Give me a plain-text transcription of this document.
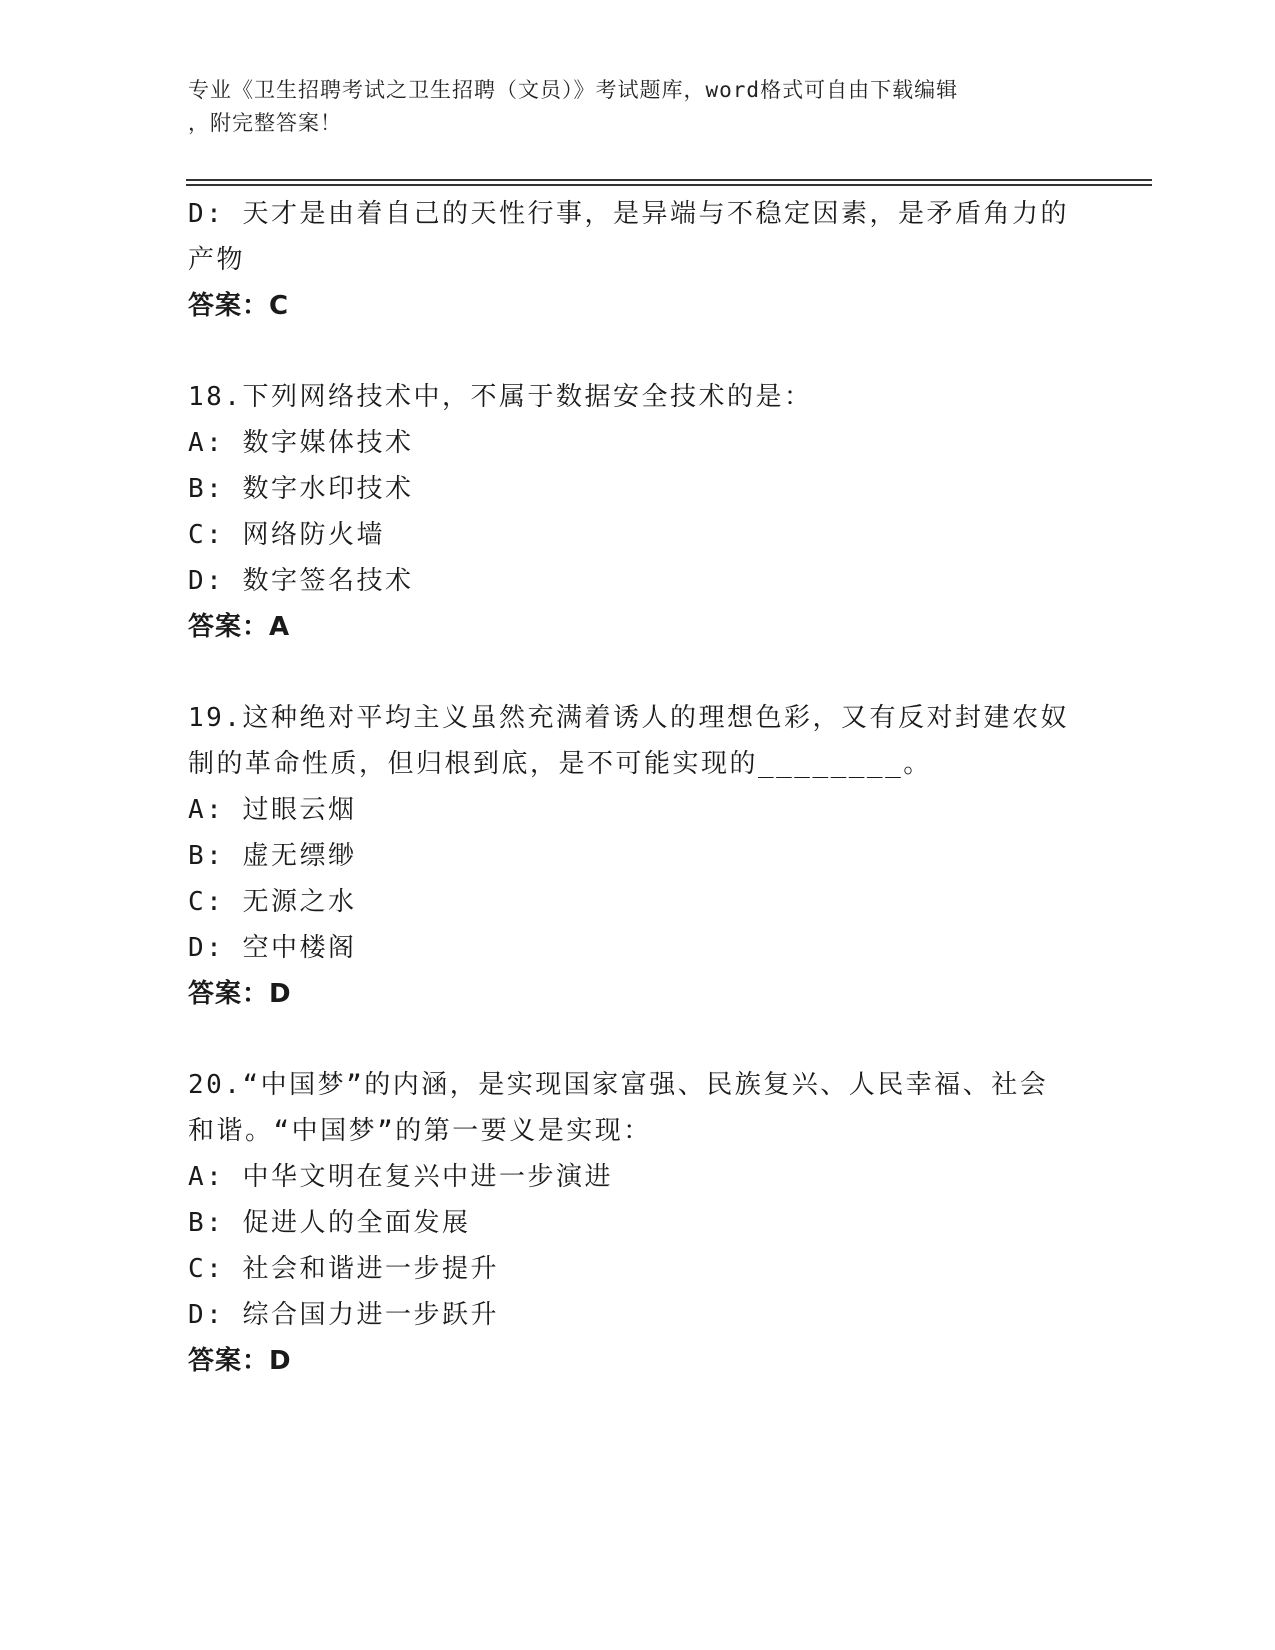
专业《卫生招聘考试之卫生招聘（文员）》考试题库，word格式可自由下载编辑
，附完整答案！
D: 天才是由着自己的天性行事，是异端与不稳定因素，是矛盾角力的
产物
答案：C
18.下列网络技术中，不属于数据安全技术的是：
A: 数字媒体技术
B: 数字水印技术
C: 网络防火墙
D: 数字签名技术
答案：A
19.这种绝对平均主义虽然充满着诱人的理想色彩，又有反对封建农奴
制的革命性质，但归根到底，是不可能实现的________。
A: 过眼云烟
B: 虚无缥缈
C: 无源之水
D: 空中楼阁
答案：D
20.“中国梦”的内涵，是实现国家富强、民族复兴、人民幸福、社会
和谐。“中国梦”的第一要义是实现：
A: 中华文明在复兴中进一步演进
B: 促进人的全面发展
C: 社会和谐进一步提升
D: 综合国力进一步跃升
答案：D
